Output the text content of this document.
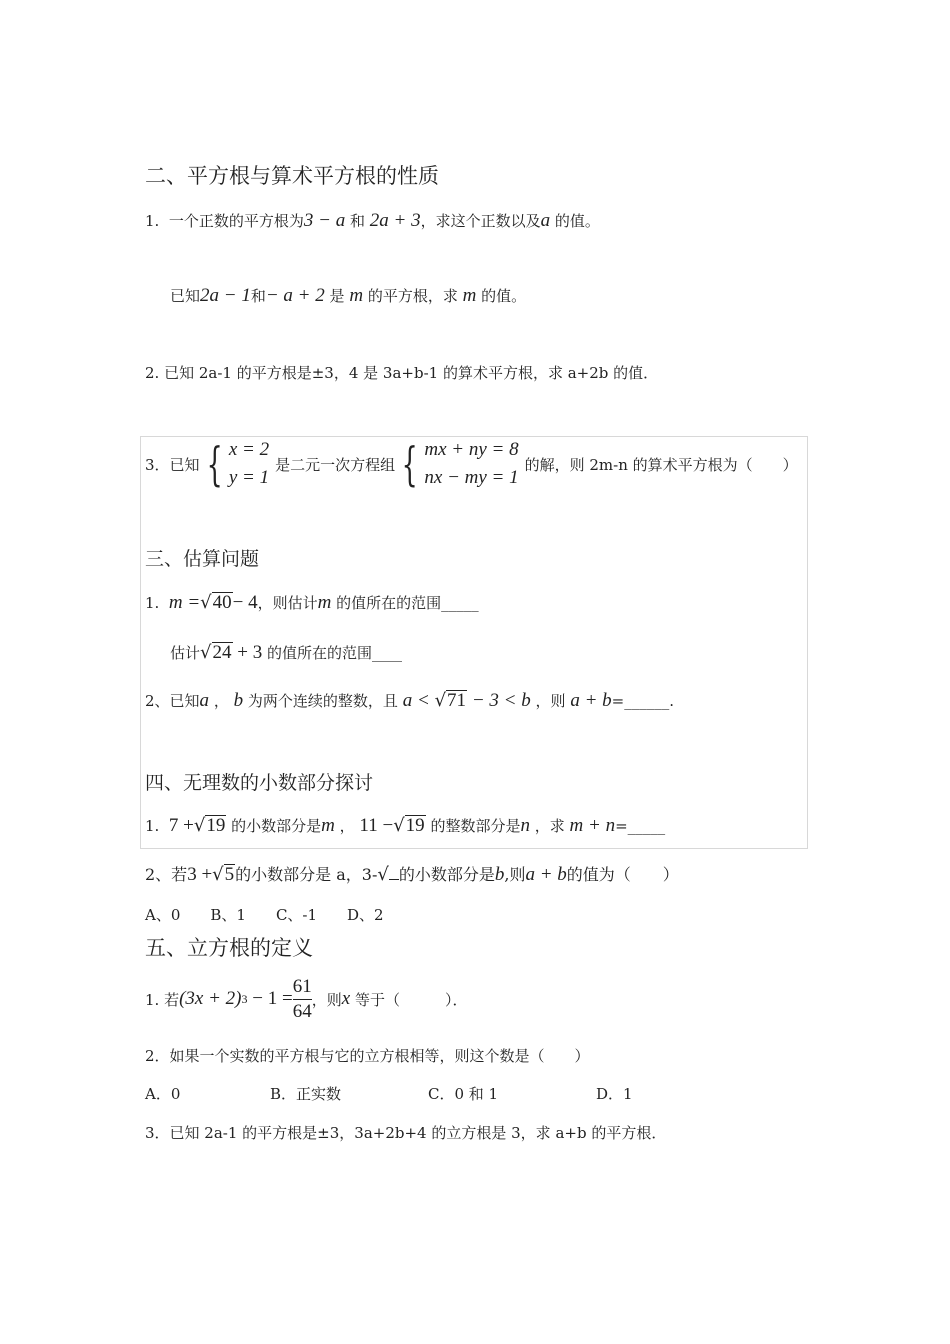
二、平方根与算术平方根的性质
1. 一个正数的平方根为3 − a 和 2a + 3，求这个正数以及a 的值。
已知2a − 1和− a + 2 是 m 的平方根，求 m 的值。
2. 已知 2a-1 的平方根是±3，4 是 3a+b-1 的算术平方根，求 a+2b 的值．
3．已知 { x = 2
y = 1
是二元一次方程组 { mx + ny = 8
nx − my = 1
的解，则 2m-n 的算术平方根为（　　）
三、估算问题
1. m =√40− 4，则估计m 的值所在的范围_____
估计√24 + 3 的值所在的范围____
2、已知a ， b 为两个连续的整数，且 a < √71 − 3 < b ，则 a + b=______.
四、无理数的小数部分探讨
1. 7 +√19 的小数部分是m ， 11 −√19 的整数部分是n ，求 m + n=_____
2、若3 +√5的小数部分是 a，3-√ 的小数部分是b,则a + b的值为（　　）
A、0　　B、1　　C、-1　　D、2
五、立方根的定义
1. 若 (3x + 2) 3
− $1 = \frac{61}{64}$ ，则 x
等于（　　　）．
2．如果一个实数的平方根与它的立方根相等，则这个数是（　　）
A．0	B．正实数	C．0 和 1	D．1
3．已知 2a-1 的平方根是±3，3a+2b+4 的立方根是 3，求 a+b 的平方根．
